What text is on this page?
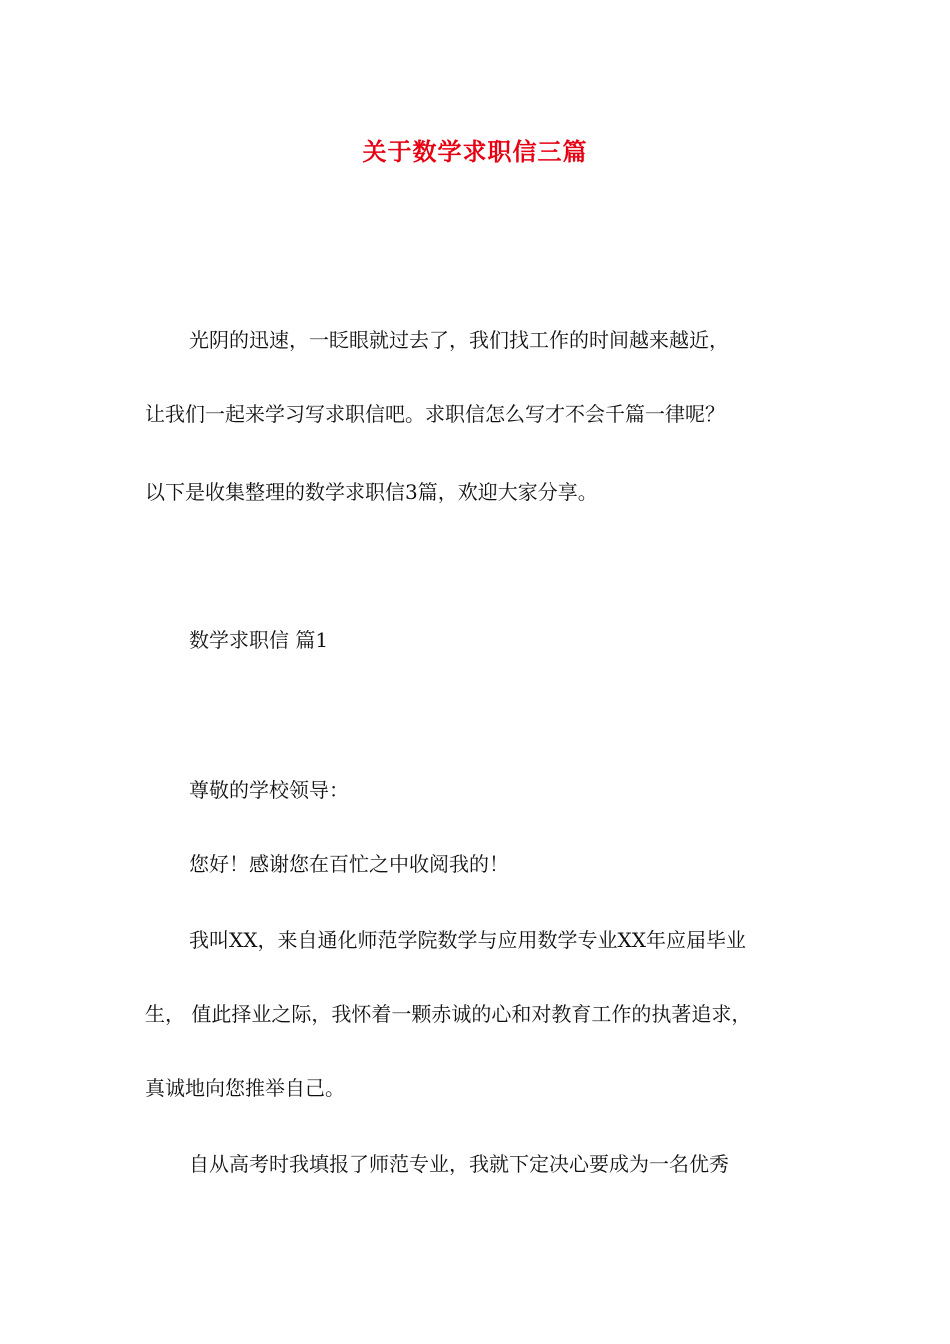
关于数学求职信三篇
光阴的迅速，一眨眼就过去了，我们找工作的时间越来越近，
让我们一起来学习写求职信吧。求职信怎么写才不会千篇一律呢？
以下是收集整理的数学求职信3篇，欢迎大家分享。
数学求职信 篇1
尊敬的学校领导：
您好！感谢您在百忙之中收阅我的！
我叫XX，来自通化师范学院数学与应用数学专业XX年应届毕业
生， 值此择业之际，我怀着一颗赤诚的心和对教育工作的执著追求，
真诚地向您推举自己。
自从高考时我填报了师范专业，我就下定决心要成为一名优秀
